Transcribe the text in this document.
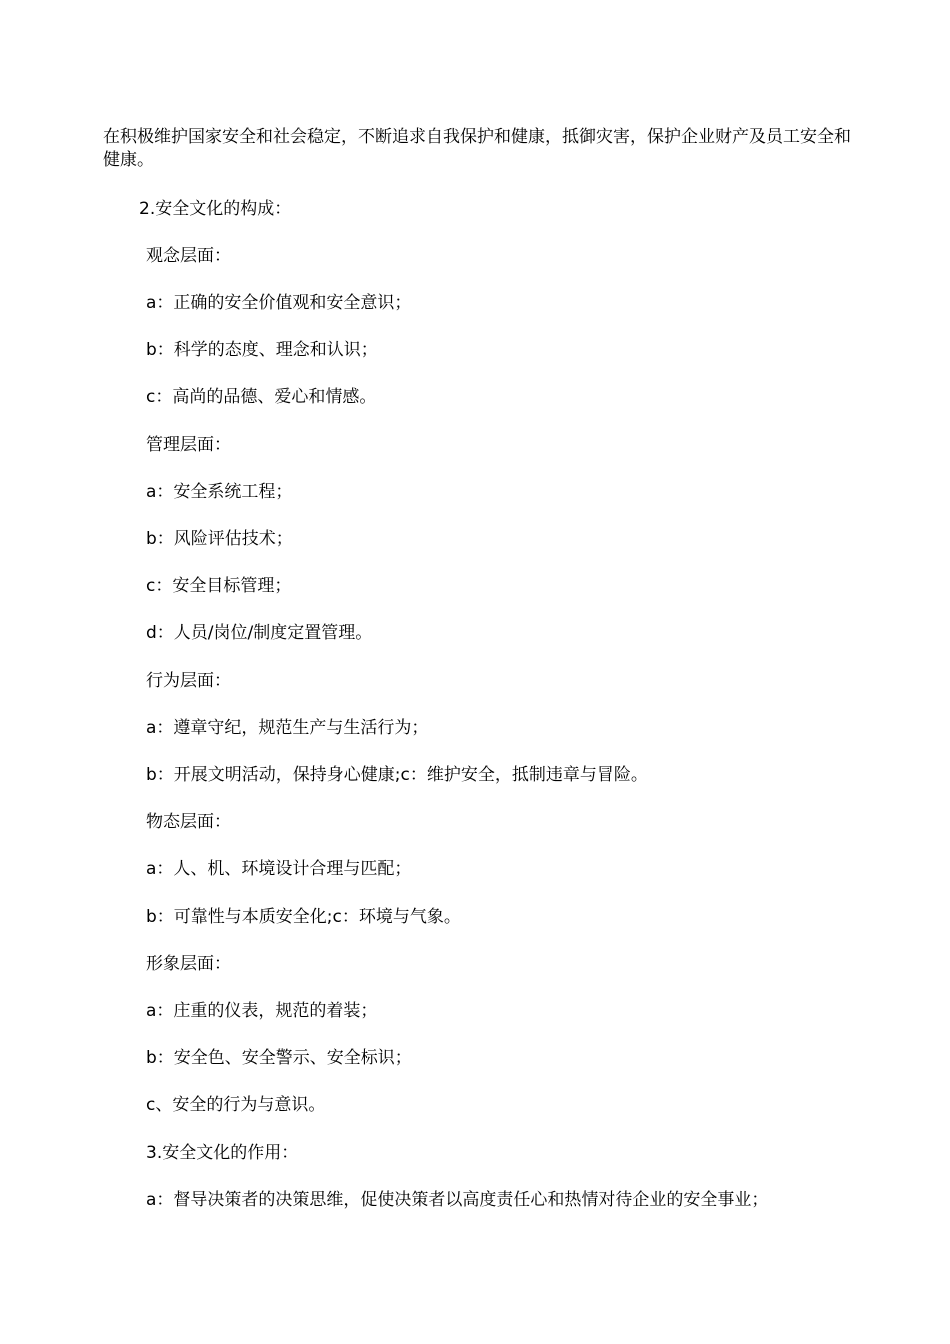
在积极维护国家安全和社会稳定，不断追求自我保护和健康，抵御灾害，保护企业财产及员工安全和健康。

2.安全文化的构成：

观念层面：

a：正确的安全价值观和安全意识；

b：科学的态度、理念和认识；

c：高尚的品德、爱心和情感。

管理层面：

a：安全系统工程；

b：风险评估技术；

c：安全目标管理；

d：人员/岗位/制度定置管理。

行为层面：

a：遵章守纪，规范生产与生活行为；

b：开展文明活动，保持身心健康;c：维护安全，抵制违章与冒险。

物态层面：

a：人、机、环境设计合理与匹配；

b：可靠性与本质安全化;c：环境与气象。

形象层面：

a：庄重的仪表，规范的着装；

b：安全色、安全警示、安全标识；

c、安全的行为与意识。

3.安全文化的作用：

a：督导决策者的决策思维，促使决策者以高度责任心和热情对待企业的安全事业；
